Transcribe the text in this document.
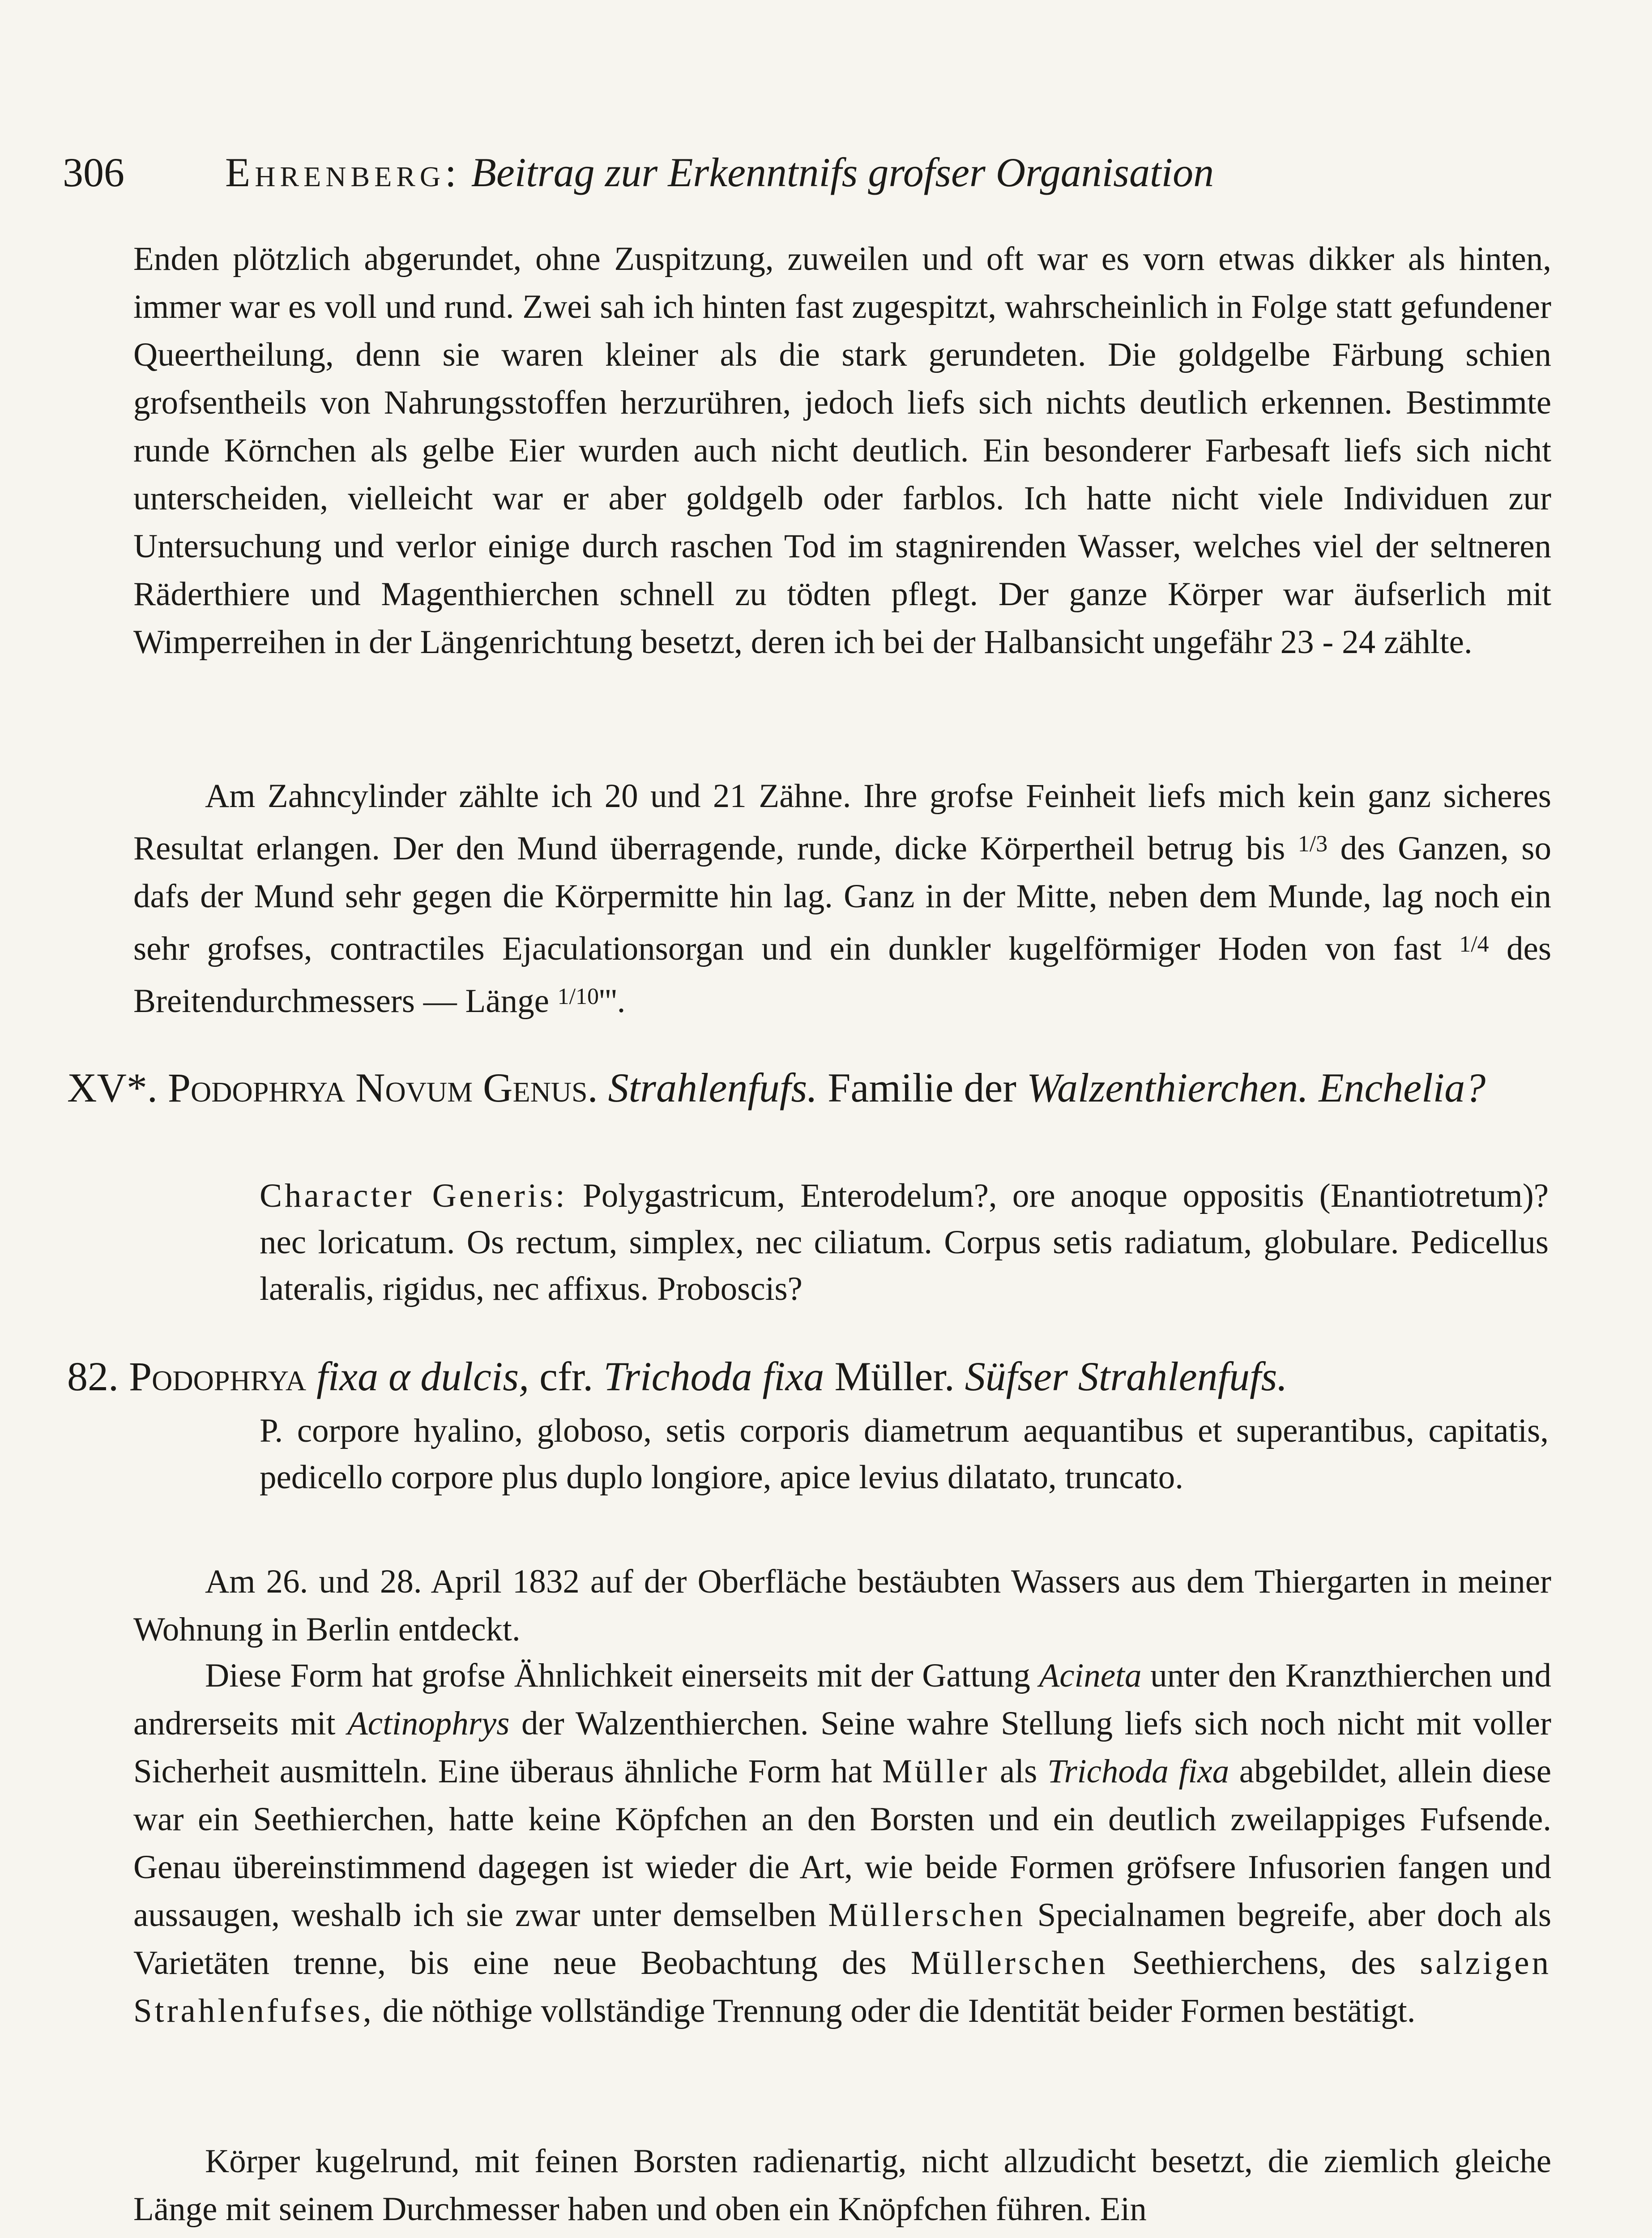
306 Ehrenberg: Beitrag zur Erkenntnifs grofser Organisation
Enden plötzlich abgerundet, ohne Zuspitzung, zuweilen und oft war es vorn etwas dikker als hinten, immer war es voll und rund. Zwei sah ich hinten fast zugespitzt, wahrscheinlich in Folge statt gefundener Queertheilung, denn sie waren kleiner als die stark gerundeten. Die goldgelbe Färbung schien grofsentheils von Nahrungsstoffen herzurühren, jedoch liefs sich nichts deutlich erkennen. Bestimmte runde Körnchen als gelbe Eier wurden auch nicht deutlich. Ein besonderer Farbesaft liefs sich nicht unterscheiden, vielleicht war er aber goldgelb oder farblos. Ich hatte nicht viele Individuen zur Untersuchung und verlor einige durch raschen Tod im stagnirenden Wasser, welches viel der seltneren Räderthiere und Magenthierchen schnell zu tödten pflegt. Der ganze Körper war äufserlich mit Wimperreihen in der Längenrichtung besetzt, deren ich bei der Halbansicht ungefähr 23 - 24 zählte.
Am Zahncylinder zählte ich 20 und 21 Zähne. Ihre grofse Feinheit liefs mich kein ganz sicheres Resultat erlangen. Der den Mund überragende, runde, dicke Körpertheil betrug bis $^{1/3}$ des Ganzen, so dafs der Mund sehr gegen die Körpermitte hin lag. Ganz in der Mitte, neben dem Munde, lag noch ein sehr grofses, contractiles Ejaculationsorgan und ein dunkler kugelförmiger Hoden von fast $^{1/4}$ des Breitendurchmessers — Länge $^{1/10}$'''.
XV*. Podophrya Novum Genus. Strahlenfufs. Familie der Walzenthierchen. Enchelia?
Character Generis: Polygastricum, Enterodelum?, ore anoque oppositis (Enantiotretum)? nec loricatum. Os rectum, simplex, nec ciliatum. Corpus setis radiatum, globulare. Pedicellus lateralis, rigidus, nec affixus. Proboscis?
82. Podophrya fixa α dulcis, cfr. Trichoda fixa Müller. Süfser Strahlenfufs.
P. corpore hyalino, globoso, setis corporis diametrum aequantibus et superantibus, capitatis, pedicello corpore plus duplo longiore, apice levius dilatato, truncato.
Am 26. und 28. April 1832 auf der Oberfläche bestäubten Wassers aus dem Thiergarten in meiner Wohnung in Berlin entdeckt.
Diese Form hat grofse Ähnlichkeit einerseits mit der Gattung Acineta unter den Kranzthierchen und andrerseits mit Actinophrys der Walzenthierchen. Seine wahre Stellung liefs sich noch nicht mit voller Sicherheit ausmitteln. Eine überaus ähnliche Form hat Müller als Trichoda fixa abgebildet, allein diese war ein Seethierchen, hatte keine Köpfchen an den Borsten und ein deutlich zweilappiges Fufsende. Genau übereinstimmend dagegen ist wieder die Art, wie beide Formen gröfsere Infusorien fangen und aussaugen, weshalb ich sie zwar unter demselben Müllerschen Specialnamen begreife, aber doch als Varietäten trenne, bis eine neue Beobachtung des Müllerschen Seethierchens, des salzigen Strahlenfufses, die nöthige vollständige Trennung oder die Identität beider Formen bestätigt.
Körper kugelrund, mit feinen Borsten radienartig, nicht allzudicht besetzt, die ziemlich gleiche Länge mit seinem Durchmesser haben und oben ein Knöpfchen führen. Ein
